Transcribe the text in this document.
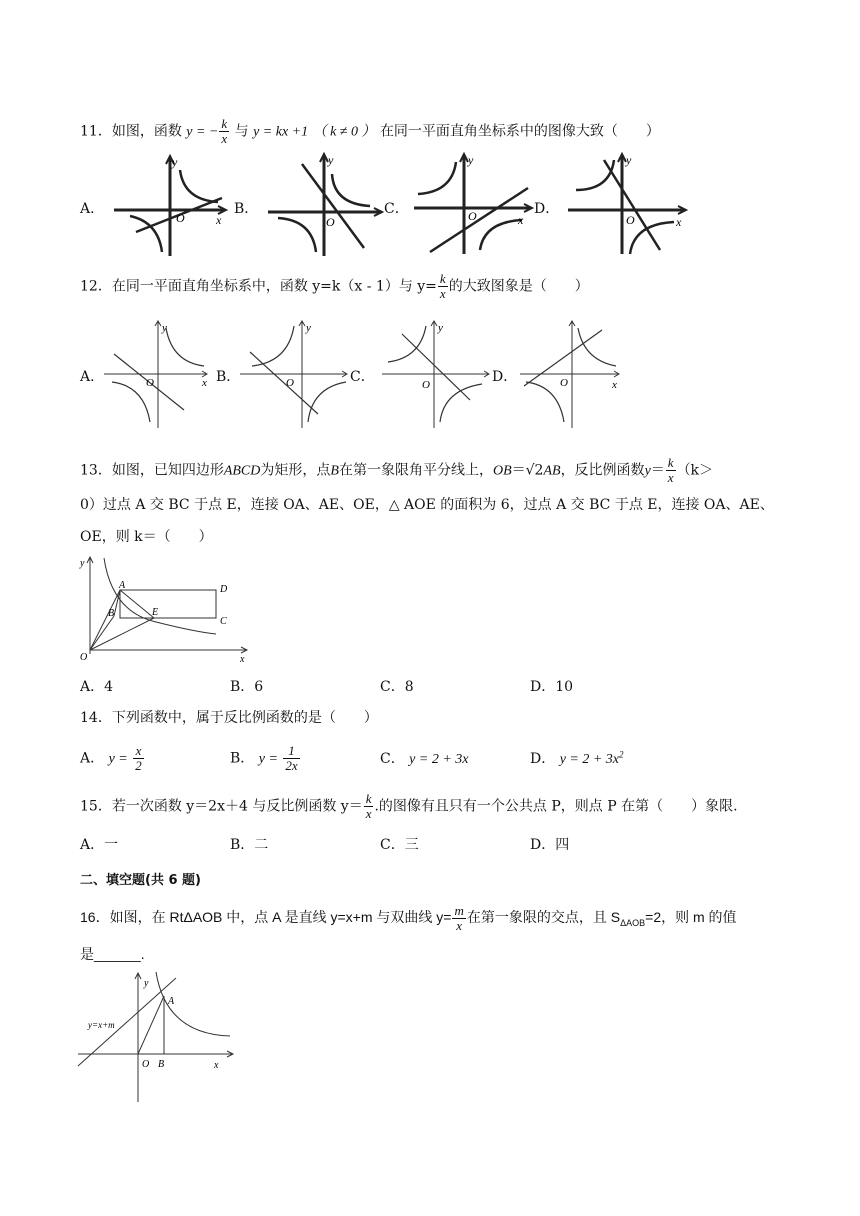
11．如图，函数 y = − $\frac{k}{x}$ 与 y = kx +1 （ k ≠ 0 ） 在同一平面直角坐标系中的图像大致（　　）
A．
y
O	x
B．
y
O
C．
y
O	x
D．
y
O	x
12．在同一平面直角坐标系中，函数 y=k（x - 1）与 $y= \frac{k}{x}$ 的大致图象是（　　）
A．
y
O	x B．
y
O	C．
y
O	D．	O	x
13．如图，已知四边形ABCD为矩形，点B在第一象限角平分线上，OB＝√2AB，反比例函数$y= \frac{k}{x} (k>$
0）过点 A 交 BC 于点 E，连接 OA、AE、OE，△ AOE 的面积为 6，过点 A 交 BC 于点 E，连接 OA、AE、
OE，则 k＝（　　）
y
x
O
A
B
D
C
E
A．4	B．6	C．8	D．10
14．下列函数中，属于反比例函数的是（　　）
A． $y = \frac{x}{2}$	B． $y = \frac{1}{2x}$	C． y = 2 + 3x	D． $y = 2 + 3x^2$
15．若一次函数 y＝2x＋4 与反比例函数 $y= \frac{k}{x}$ .的图像有且只有一个公共点 P，则点 P 在第（　　）象限.
A．一	B．二	C．三	D．四
二、填空题(共 6 题)
16．如图，在 RtΔAOB 中，点 A 是直线 y=x+m 与双曲线 $y= \frac{m}{x}$ 在第一象限的交点，且 $S_{\Delta AOB}=2$，则 m 的值
是______.
y
x
O B
A
y=x+m
